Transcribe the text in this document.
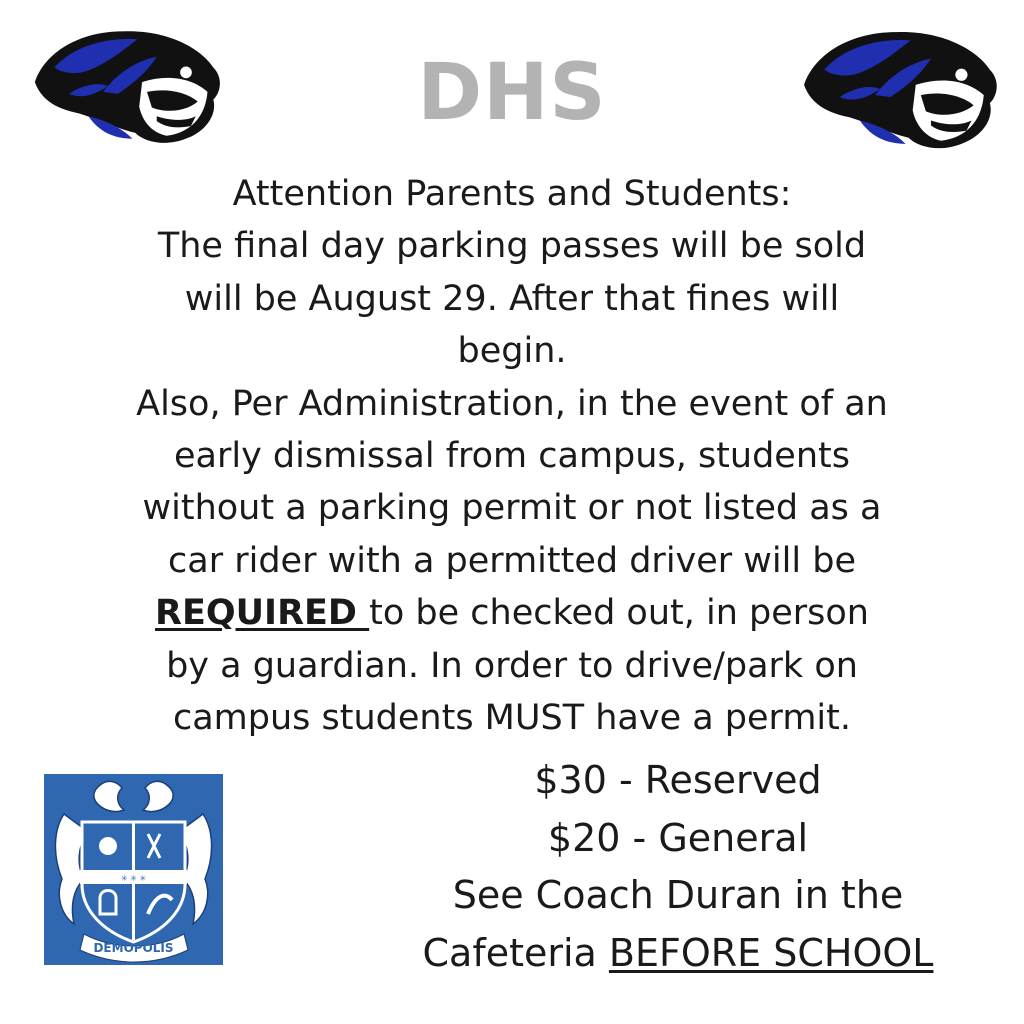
DHS
Attention Parents and Students:
The final day parking passes will be sold
will be August 29. After that fines will
begin.
Also, Per Administration, in the event of an
early dismissal from campus, students
without a parking permit or not listed as a
car rider with a permitted driver will be
REQUIRED to be checked out, in person
by a guardian. In order to drive/park on
campus students MUST have a permit.
✳ ✳ ✳
DEMOPOLIS
$30 - Reserved
$20 - General
See Coach Duran in the
Cafeteria BEFORE SCHOOL
